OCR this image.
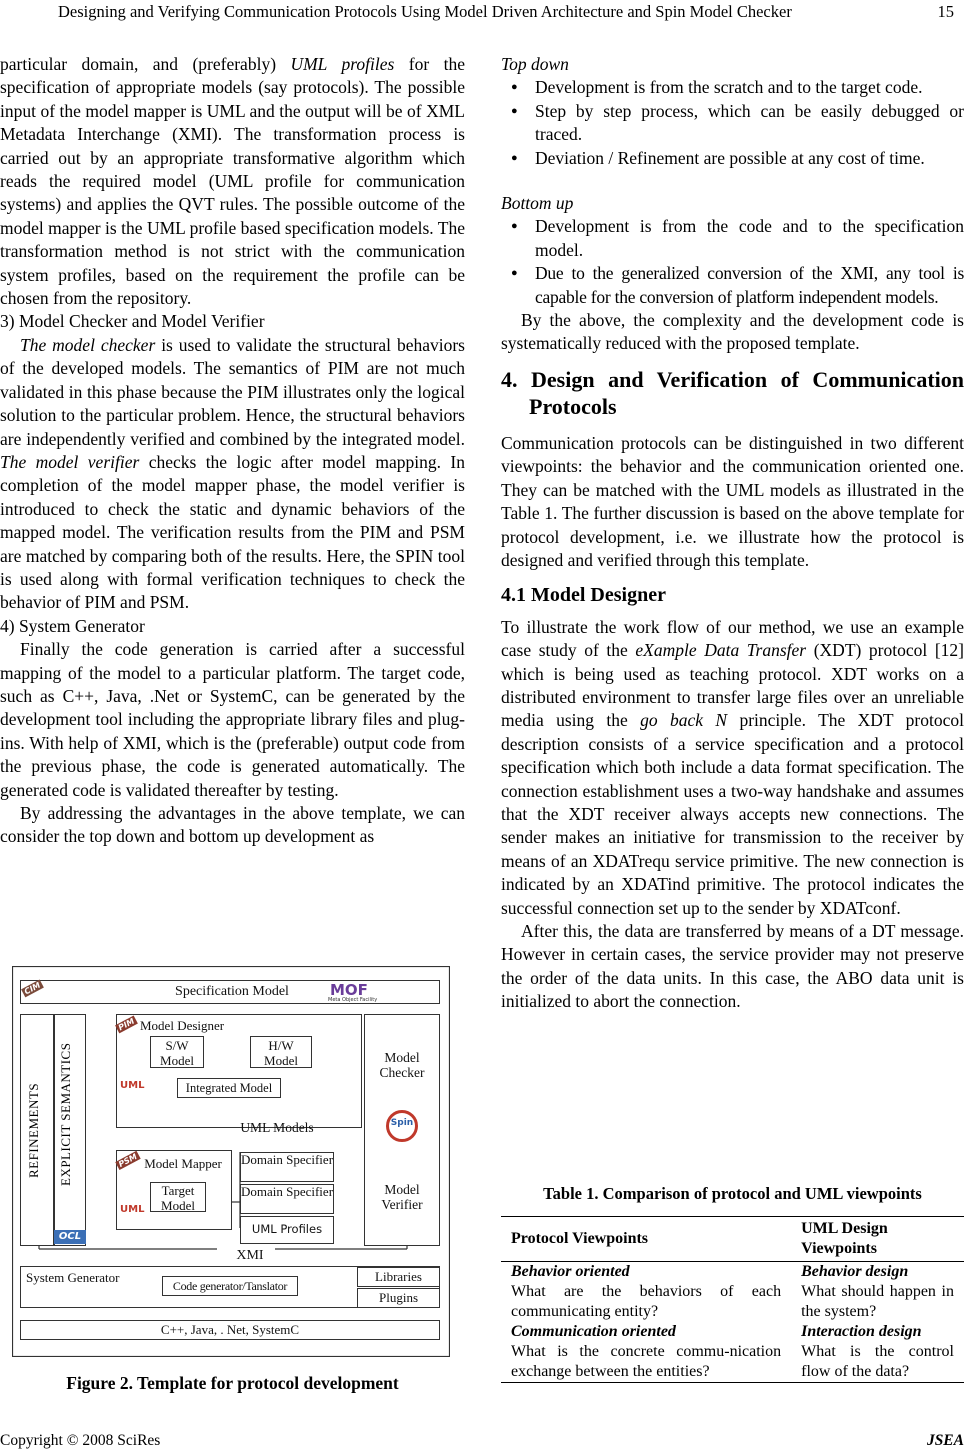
Designing and Verifying Communication Protocols Using Model Driven Architecture and Spin Model Checker	15

particular domain, and (preferably) UML profiles for the specification of appropriate models (say protocols). The possible input of the model mapper is UML and the output will be of XML Metadata Interchange (XMI). The transformation process is carried out by an appropriate transformative algorithm which reads the required model (UML profile for communication systems) and applies the QVT rules. The possible outcome of the model mapper is the UML profile based specification models. The transformation method is not strict with the communication system profiles, based on the requirement the profile can be chosen from the repository.

3) Model Checker and Model Verifier

The model checker is used to validate the structural behaviors of the developed models. The semantics of PIM are not much validated in this phase because the PIM illustrates only the logical solution to the particular problem. Hence, the structural behaviors are independently verified and combined by the integrated model. The model verifier checks the logic after model mapping. In completion of the model mapper phase, the model verifier is introduced to check the static and dynamic behaviors of the mapped model. The verification results from the PIM and PSM are matched by comparing both of the results. Here, the SPIN tool is used along with formal verification techniques to check the behavior of PIM and PSM.

4) System Generator

Finally the code generation is carried after a successful mapping of the model to a particular platform. The target code, such as C++, Java, .Net or SystemC, can be generated by the development tool including the appropriate library files and plug-ins. With help of XMI, which is the (preferable) output code from the previous phase, the code is generated automatically. The generated code is validated thereafter by testing.

By addressing the advantages in the above template, we can consider the top down and bottom up development as

CIM	Specification Model	MOF
Meta Object Facility
REFINEMENTS	EXPLICIT SEMANTICS
OCL
PIM Model Designer
S/W Model
H/W Model
Integrated Model
UML
UML Models
Model Checker
Spin
Model Verifier
PSM Model Mapper
Target Model
UML
Domain Specifier
Domain Specifier
UML Profiles
XMI
System Generator
Code generator/Tanslator
Libraries
Plugins
C++, Java, . Net, SystemC
Figure 2. Template for protocol development

Top down

● Development is from the scratch and to the target code.
● Step by step process, which can be easily debugged or traced.
● Deviation / Refinement are possible at any cost of time.

Bottom up

● Development is from the code and to the specification model.
● Due to the generalized conversion of the XMI, any tool is capable for the conversion of platform independent models.

By the above, the complexity and the development code is systematically reduced with the proposed template.

4. Design and Verification of Communication Protocols

Communication protocols can be distinguished in two different viewpoints: the behavior and the communication oriented one. They can be matched with the UML models as illustrated in the Table 1. The further discussion is based on the above template for protocol development, i.e. we illustrate how the protocol is designed and verified through this template.

4.1 Model Designer

To illustrate the work flow of our method, we use an example case study of the eXample Data Transfer (XDT) protocol [12] which is being used as teaching protocol. XDT works on a distributed environment to transfer large files over an unreliable media using the go back N principle. The XDT protocol description consists of a service specification and a protocol specification which both include a data format specification. The connection establishment uses a two-way handshake and assumes that the XDT receiver always accepts new connections. The sender makes an initiative for transmission to the receiver by means of an XDATrequ service primitive. The new connection is indicated by an XDATind primitive. The protocol indicates the successful connection set up to the sender by XDATconf.

After this, the data are transferred by means of a DT message. However in certain cases, the service provider may not preserve the order of the data units. In this case, the ABO data unit is initialized to abort the connection.

Table 1. Comparison of protocol and UML viewpoints
Protocol Viewpoints	UML Design Viewpoints
Behavior oriented	Behavior design
What are the behaviors of each communicating entity?	What should happen in the system?
Communication oriented	Interaction design
What is the concrete commu-nication exchange between the entities?	What is the control flow of the data?
Copyright © 2008 SciRes	JSEA
